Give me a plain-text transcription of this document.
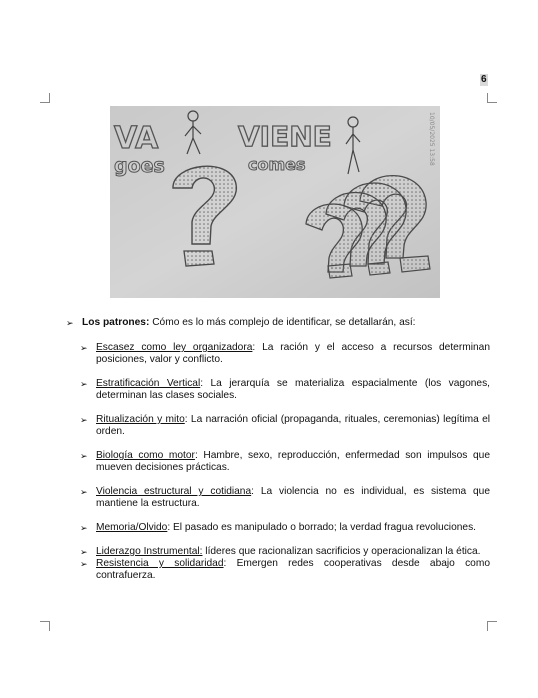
6
VA
goes
VIENE
comes	10/05/2025 13:58
➢ Los patrones: Cómo es lo más complejo de identificar, se detallarán, así:
➢ Escasez como ley organizadora: La ración y el acceso a recursos determinan posiciones, valor y conflicto.
➢ Estratificación Vertical: La jerarquía se materializa espacialmente (los vagones, determinan las clases sociales.
➢ Ritualización y mito: La narración oficial (propaganda, rituales, ceremonias) legítima el orden.
➢ Biología como motor: Hambre, sexo, reproducción, enfermedad son impulsos que mueven decisiones prácticas.
➢ Violencia estructural y cotidiana: La violencia no es individual, es sistema que mantiene la estructura.
➢ Memoria/Olvido: El pasado es manipulado o borrado; la verdad fragua revoluciones.
➢ Liderazgo Instrumental: líderes que racionalizan sacrificios y operacionalizan la ética.
➢ Resistencia y solidaridad: Emergen redes cooperativas desde abajo como contrafuerza.
